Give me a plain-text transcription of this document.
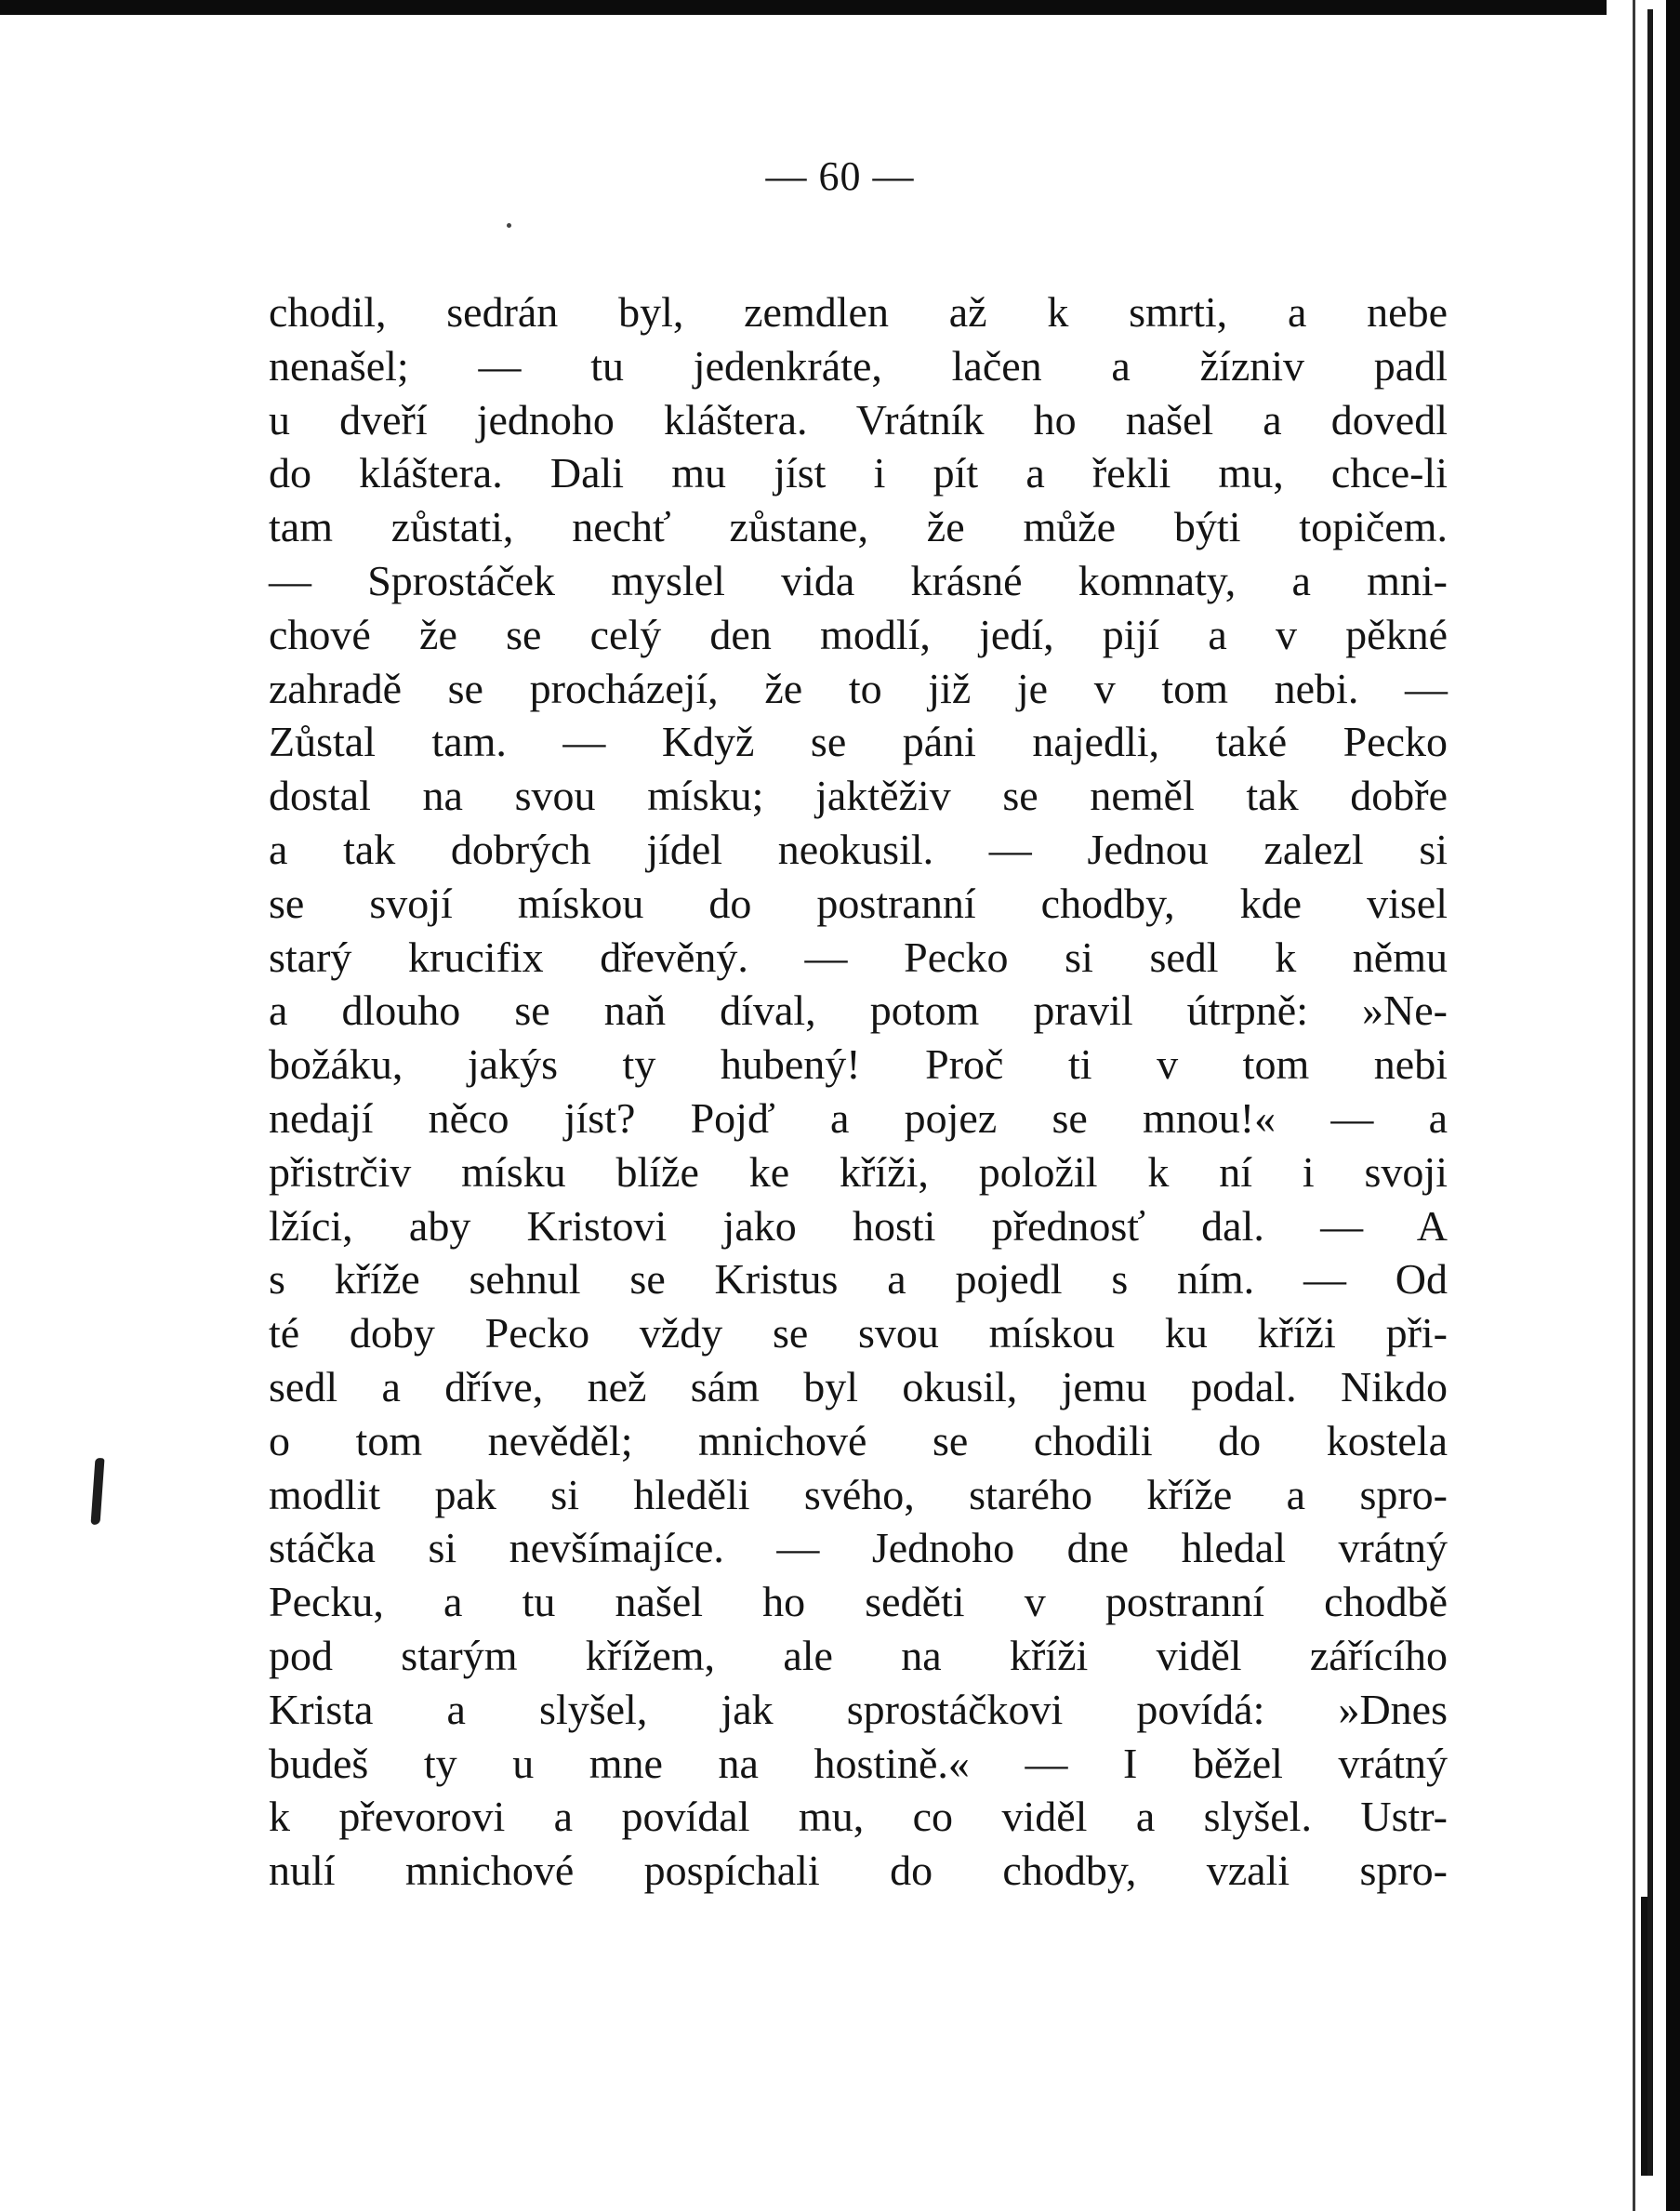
— 60 —
chodil, sedrán byl, zemdlen až k smrti, a nebe
nenašel; — tu jedenkráte, lačen a žízniv padl
u dveří jednoho kláštera. Vrátník ho našel a dovedl
do kláštera. Dali mu jíst i pít a řekli mu, chce-li
tam zůstati, nechť zůstane, že může býti topičem.
— Sprostáček myslel vida krásné komnaty, a mni-
chové že se celý den modlí, jedí, pijí a v pěkné
zahradě se procházejí, že to již je v tom nebi. —
Zůstal tam. — Když se páni najedli, také Pecko
dostal na svou mísku; jaktěživ se neměl tak dobře
a tak dobrých jídel neokusil. — Jednou zalezl si
se svojí mískou do postranní chodby, kde visel
starý krucifix dřevěný. — Pecko si sedl k němu
a dlouho se naň díval, potom pravil útrpně: »Ne-
božáku, jakýs ty hubený! Proč ti v tom nebi
nedají něco jíst? Pojď a pojez se mnou!« — a
přistrčiv mísku blíže ke kříži, položil k ní i svoji
lžíci, aby Kristovi jako hosti přednosť dal. — A
s kříže sehnul se Kristus a pojedl s ním. — Od
té doby Pecko vždy se svou mískou ku kříži při-
sedl a dříve, než sám byl okusil, jemu podal. Nikdo
o tom nevěděl; mnichové se chodili do kostela
modlit pak si hleděli svého, starého kříže a spro-
stáčka si nevšímajíce. — Jednoho dne hledal vrátný
Pecku, a tu našel ho seděti v postranní chodbě
pod starým křížem, ale na kříži viděl zářícího
Krista a slyšel, jak sprostáčkovi povídá: »Dnes
budeš ty u mne na hostině.« — I běžel vrátný
k převorovi a povídal mu, co viděl a slyšel. Ustr-
nulí mnichové pospíchali do chodby, vzali spro-
